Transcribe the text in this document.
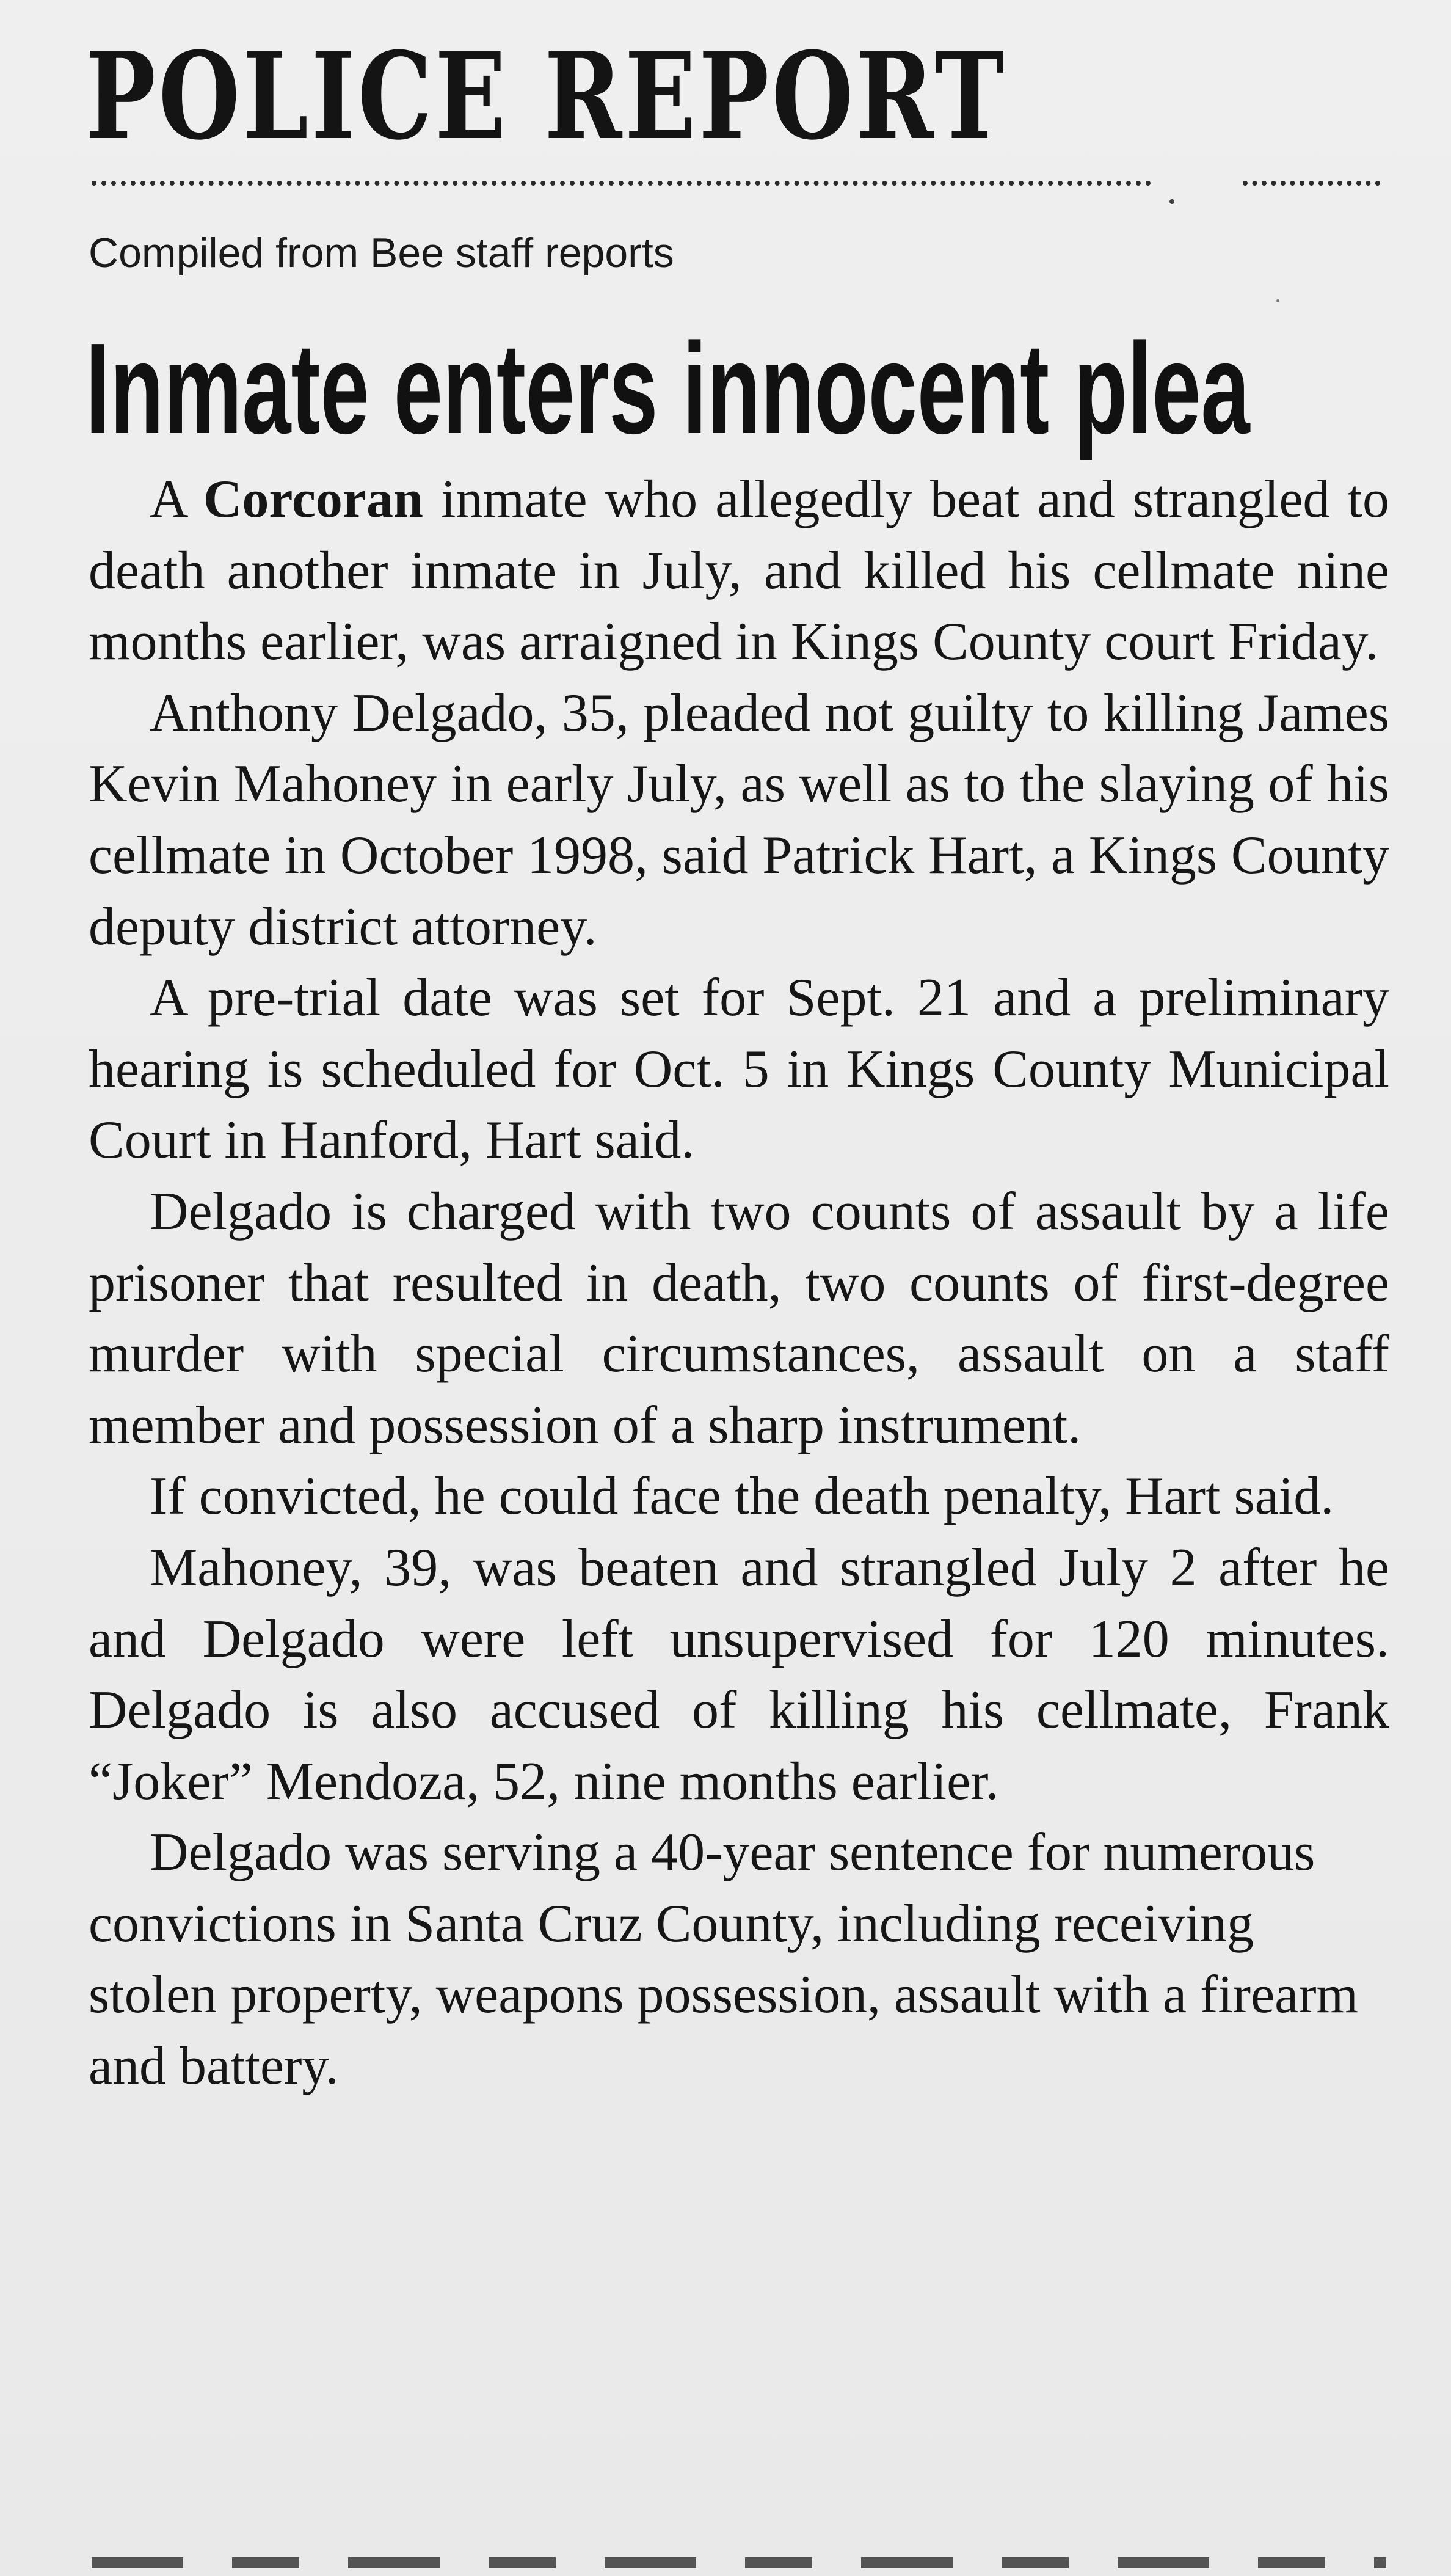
POLICE REPORT
Compiled from Bee staff reports
Inmate enters innocent plea

A Corcoran inmate who allegedly beat and strangled to death another inmate in July, and killed his cellmate nine months earlier, was arraigned in Kings County court Friday.

Anthony Delgado, 35, pleaded not guilty to killing James Kevin Mahoney in early July, as well as to the slaying of his cellmate in October 1998, said Patrick Hart, a Kings County deputy district attorney.

A pre-trial date was set for Sept. 21 and a preliminary hearing is scheduled for Oct. 5 in Kings County Municipal Court in Hanford, Hart said.

Delgado is charged with two counts of assault by a life prisoner that resulted in death, two counts of first-degree murder with special circumstances, assault on a staff member and possession of a sharp instrument.

If convicted, he could face the death penalty, Hart said.

Mahoney, 39, was beaten and strangled July 2 after he and Delgado were left unsupervised for 120 minutes. Delgado is also accused of killing his cellmate, Frank “Joker” Mendoza, 52, nine months earlier.

Delgado was serving a 40-year sentence for numerous convictions in Santa Cruz County, including receiving stolen property, weapons possession, assault with a firearm and battery.
